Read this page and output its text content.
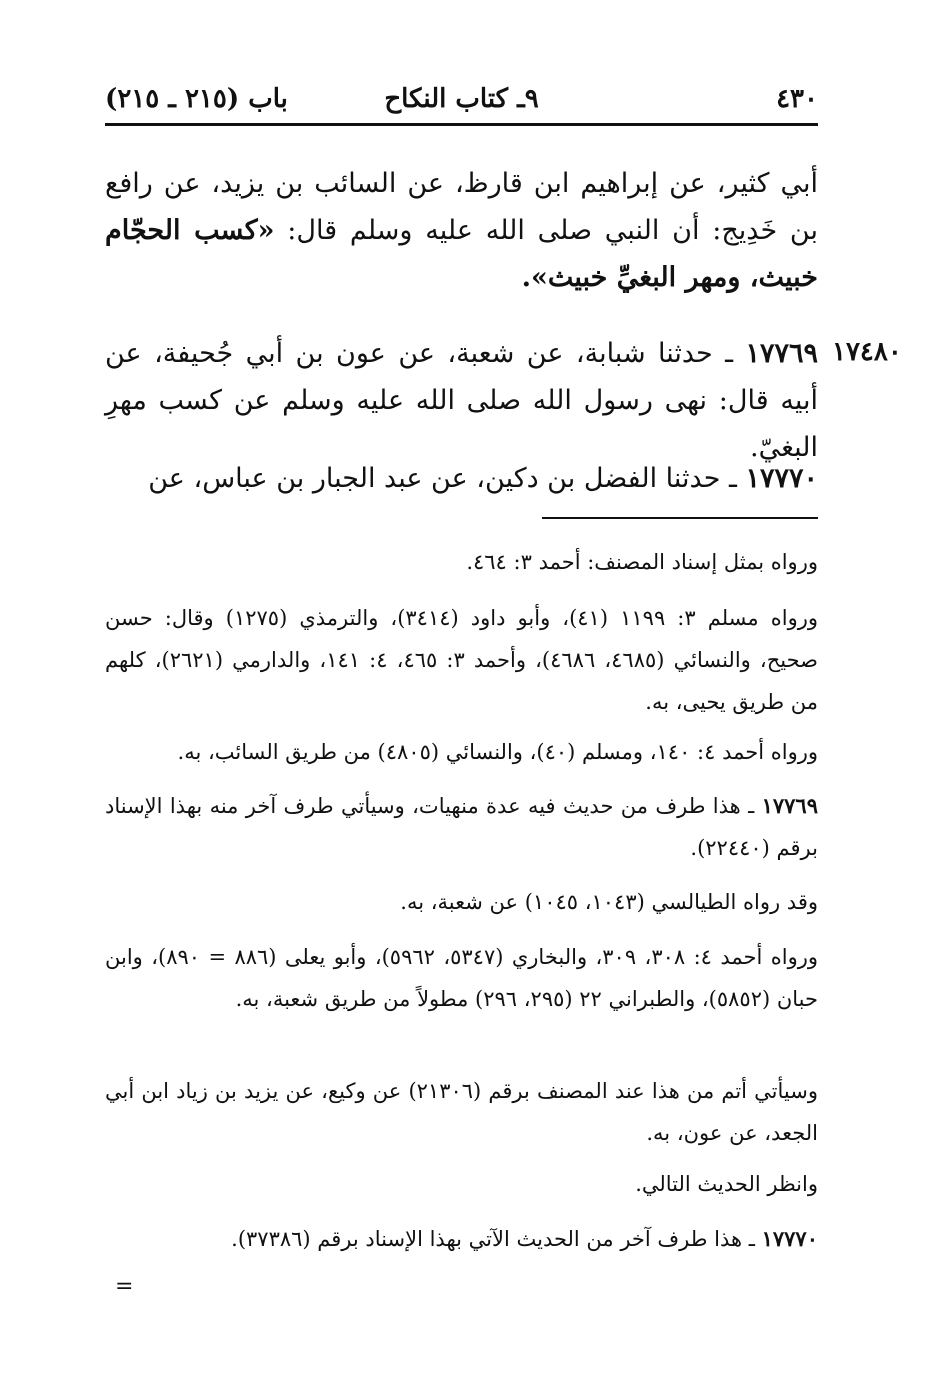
٤٣٠
٩ـ كتاب النكاح
باب (٢١٥ ـ ٢١٥)

أبي كثير، عن إبراهيم ابن قارظ، عن السائب بن يزيد، عن رافع بن خَدِيج: أن النبي صلى الله عليه وسلم قال: «كسب الحجّام خبيث، ومهر البغيِّ خبيث».

١٧٧٦٩ ـ حدثنا شبابة، عن شعبة، عن عون بن أبي جُحيفة، عن أبيه قال: نهى رسول الله صلى الله عليه وسلم عن كسب مهرِ البغيّ.

١٧٧٧٠ ـ حدثنا الفضل بن دكين، عن عبد الجبار بن عباس، عن

١٧٤٨٠

ورواه بمثل إسناد المصنف: أحمد ٣: ٤٦٤.

ورواه مسلم ٣: ١١٩٩ (٤١)، وأبو داود (٣٤١٤)، والترمذي (١٢٧٥) وقال: حسن صحيح، والنسائي (٤٦٨٥، ٤٦٨٦)، وأحمد ٣: ٤٦٥، ٤: ١٤١، والدارمي (٢٦٢١)، كلهم من طريق يحيى، به.

ورواه أحمد ٤: ١٤٠، ومسلم (٤٠)، والنسائي (٤٨٠٥) من طريق السائب، به.

١٧٧٦٩ ـ هذا طرف من حديث فيه عدة منهيات، وسيأتي طرف آخر منه بهذا الإسناد برقم (٢٢٤٤٠).

وقد رواه الطيالسي (١٠٤٣، ١٠٤٥) عن شعبة، به.

ورواه أحمد ٤: ٣٠٨، ٣٠٩، والبخاري (٥٣٤٧، ٥٩٦٢)، وأبو يعلى (٨٨٦ = ٨٩٠)، وابن حبان (٥٨٥٢)، والطبراني ٢٢ (٢٩٥، ٢٩٦) مطولاً من طريق شعبة، به.

وسيأتي أتم من هذا عند المصنف برقم (٢١٣٠٦) عن وكيع، عن يزيد بن زياد ابن أبي الجعد، عن عون، به.

وانظر الحديث التالي.

١٧٧٧٠ ـ هذا طرف آخر من الحديث الآتي بهذا الإسناد برقم (٣٧٣٨٦).

=
